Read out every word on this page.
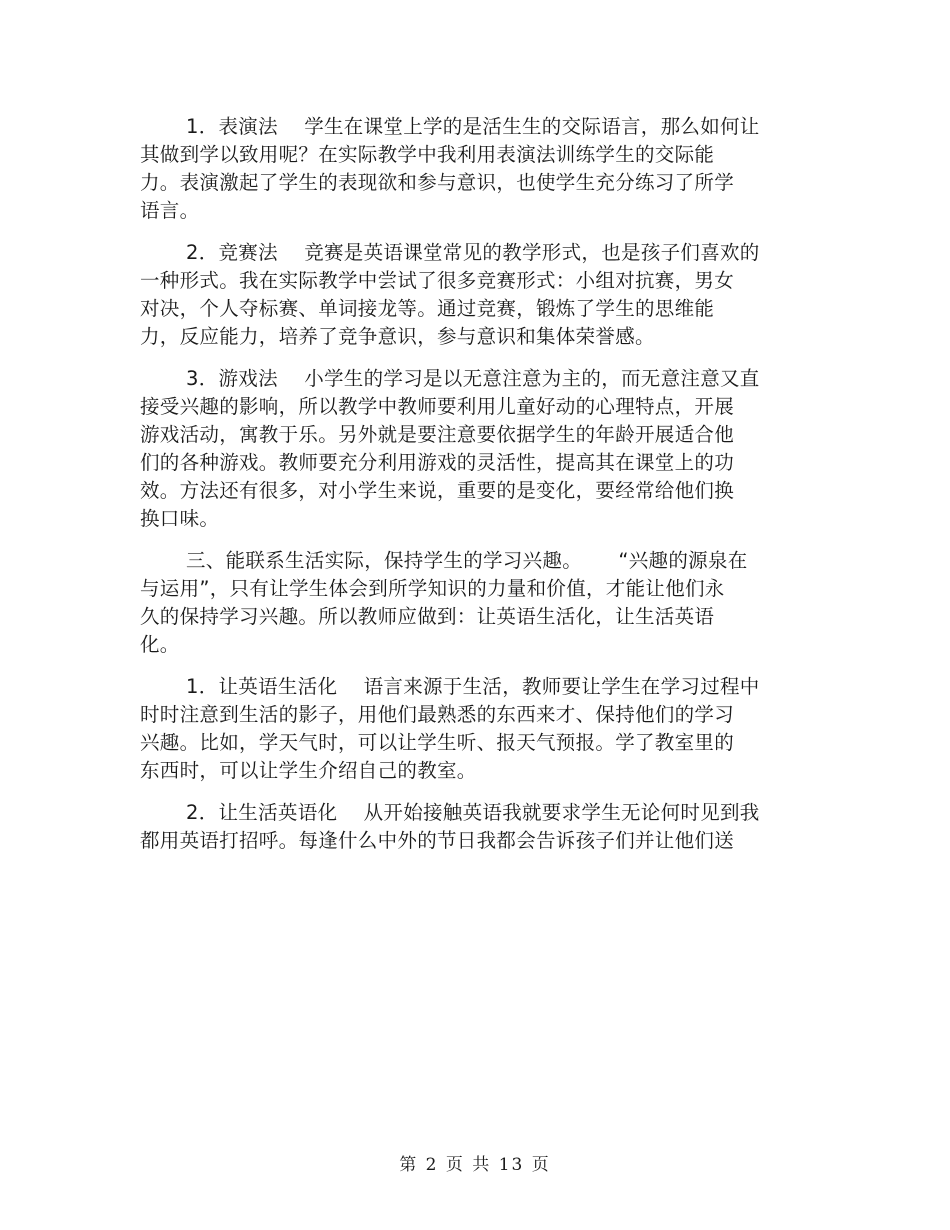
1．表演法　 学生在课堂上学的是活生生的交际语言，那么如何让
其做到学以致用呢？在实际教学中我利用表演法训练学生的交际能
力。表演激起了学生的表现欲和参与意识，也使学生充分练习了所学
语言。
2．竞赛法　 竞赛是英语课堂常见的教学形式，也是孩子们喜欢的
一种形式。我在实际教学中尝试了很多竞赛形式：小组对抗赛，男女
对决，个人夺标赛、单词接龙等。通过竞赛，锻炼了学生的思维能
力，反应能力，培养了竞争意识，参与意识和集体荣誉感。
3．游戏法　 小学生的学习是以无意注意为主的，而无意注意又直
接受兴趣的影响，所以教学中教师要利用儿童好动的心理特点，开展
游戏活动，寓教于乐。另外就是要注意要依据学生的年龄开展适合他
们的各种游戏。教师要充分利用游戏的灵活性，提高其在课堂上的功
效。方法还有很多，对小学生来说，重要的是变化，要经常给他们换
换口味。
三、能联系生活实际，保持学生的学习兴趣。　　 “兴趣的源泉在
与运用”，只有让学生体会到所学知识的力量和价值，才能让他们永
久的保持学习兴趣。所以教师应做到：让英语生活化，让生活英语
化。
1．让英语生活化　 语言来源于生活，教师要让学生在学习过程中
时时注意到生活的影子，用他们最熟悉的东西来才、保持他们的学习
兴趣。比如，学天气时，可以让学生听、报天气预报。学了教室里的
东西时，可以让学生介绍自己的教室。
2．让生活英语化　 从开始接触英语我就要求学生无论何时见到我
都用英语打招呼。每逢什么中外的节日我都会告诉孩子们并让他们送
第 2 页 共 13 页
